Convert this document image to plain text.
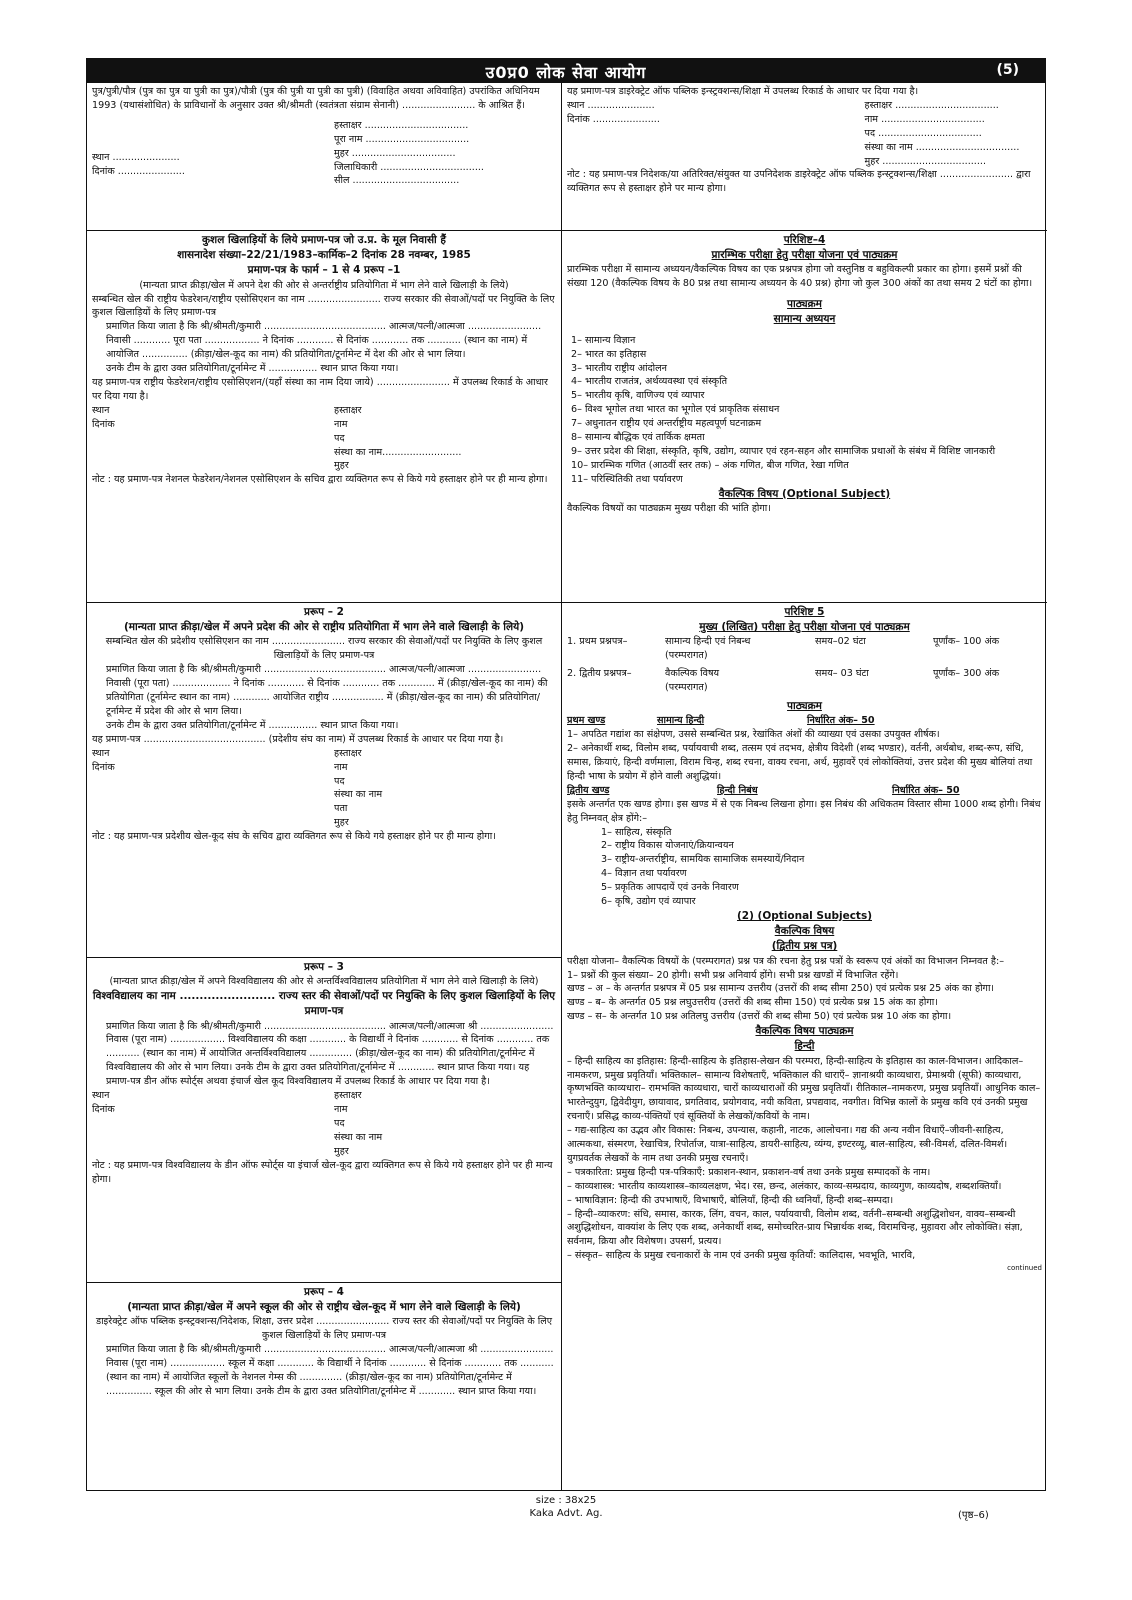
उ0प्र0 लोक सेवा आयोग	(5)

पुत्र/पुत्री/पौत्र (पुत्र का पुत्र या पुत्री का पुत्र)/पौत्री (पुत्र की पुत्री या पुत्री का पुत्री) (विवाहित अथवा अविवाहित) उपरांकित अधिनियम 1993 (यथासंशोधित) के प्राविधानों के अनुसार उक्त श्री/श्रीमती (स्वतंत्रता संग्राम सेनानी) ........................ के आश्रित हैं।

स्थान ......................

दिनांक ......................

हस्ताक्षर ..................................

पूरा नाम ..................................

मुहर ..................................

जिलाधिकारी ..................................

सील ...................................

कुशल खिलाड़ियों के लिये प्रमाण-पत्र जो उ.प्र. के मूल निवासी हैं

शासनादेश संख्या–22/21/1983–कार्मिक–2 दिनांक 28 नवम्बर, 1985

प्रमाण-पत्र के फार्म – 1 से 4 प्ररूप –1

(मान्यता प्राप्त क्रीड़ा/खेल में अपने देश की ओर से अन्तर्राष्ट्रीय प्रतियोगिता में भाग लेने वाले खिलाड़ी के लिये)

सम्बन्धित खेल की राष्ट्रीय फेडरेशन/राष्ट्रीय एसोसिएशन का नाम ........................ राज्य सरकार की सेवाओं/पदों पर नियुक्ति के लिए कुशल खिलाड़ियों के लिए प्रमाण-पत्र

प्रमाणित किया जाता है कि श्री/श्रीमती/कुमारी ........................................ आत्मज/पत्नी/आत्मजा ........................ निवासी ............ पूरा पता .................. ने दिनांक ............ से दिनांक ............ तक ........... (स्थान का नाम) में आयोजित ............... (क्रीड़ा/खेल-कूद का नाम) की प्रतियोगिता/टूर्नामेन्ट में देश की ओर से भाग लिया।

उनके टीम के द्वारा उक्त प्रतियोगिता/टूर्नामेन्ट में ................ स्थान प्राप्त किया गया।

यह प्रमाण-पत्र राष्ट्रीय फेडरेशन/राष्ट्रीय एसोसिएशन/(यहाँ संस्था का नाम दिया जाये) ........................ में उपलब्ध रिकार्ड के आधार पर दिया गया है।

स्थान

दिनांक

हस्ताक्षर

नाम

पद

संस्था का नाम..........................

मुहर

नोट : यह प्रमाण-पत्र नेशनल फेडरेशन/नेशनल एसोसिएशन के सचिव द्वारा व्यक्तिगत रूप से किये गये हस्ताक्षर होने पर ही मान्य होगा।

प्ररूप – 2

(मान्यता प्राप्त क्रीड़ा/खेल में अपने प्रदेश की ओर से राष्ट्रीय प्रतियोगिता में भाग लेने वाले खिलाड़ी के लिये)

सम्बन्धित खेल की प्रदेशीय एसोसिएशन का नाम ........................ राज्य सरकार की सेवाओं/पदों पर नियुक्ति के लिए कुशल खिलाड़ियों के लिए प्रमाण-पत्र

प्रमाणित किया जाता है कि श्री/श्रीमती/कुमारी ........................................ आत्मज/पत्नी/आत्मजा ........................ निवासी (पूरा पता) ................... ने दिनांक ............ से दिनांक ............ तक ............ में (क्रीड़ा/खेल-कूद का नाम) की प्रतियोगिता (टूर्नामेन्ट स्थान का नाम) ............ आयोजित राष्ट्रीय ................. में (क्रीड़ा/खेल-कूद का नाम) की प्रतियोगिता/टूर्नामेन्ट में प्रदेश की ओर से भाग लिया।

उनके टीम के द्वारा उक्त प्रतियोगिता/टूर्नामेन्ट में ................ स्थान प्राप्त किया गया।

यह प्रमाण-पत्र ........................................ (प्रदेशीय संघ का नाम) में उपलब्ध रिकार्ड के आधार पर दिया गया है।

स्थान

दिनांक

हस्ताक्षर

नाम

पद

संस्था का नाम

पता

मुहर

नोट : यह प्रमाण-पत्र प्रदेशीय खेल-कूद संघ के सचिव द्वारा व्यक्तिगत रूप से किये गये हस्ताक्षर होने पर ही मान्य होगा।

प्ररूप – 3

(मान्यता प्राप्त क्रीड़ा/खेल में अपने विश्वविद्यालय की ओर से अन्तर्विश्वविद्यालय प्रतियोगिता में भाग लेने वाले खिलाड़ी के लिये)

विश्वविद्यालय का नाम ........................ राज्य स्तर की सेवाओं/पदों पर नियुक्ति के लिए कुशल खिलाड़ियों के लिए प्रमाण-पत्र

प्रमाणित किया जाता है कि श्री/श्रीमती/कुमारी ........................................ आत्मज/पत्नी/आत्मजा श्री ........................ निवास (पूरा नाम) .................. विश्वविद्यालय की कक्षा ............ के विद्यार्थी ने दिनांक ............ से दिनांक ............ तक ........... (स्थान का नाम) में आयोजित अन्तर्विश्वविद्यालय .............. (क्रीड़ा/खेल-कूद का नाम) की प्रतियोगिता/टूर्नामेन्ट में विश्वविद्यालय की ओर से भाग लिया। उनके टीम के द्वारा उक्त प्रतियोगिता/टूर्नामेन्ट में ............ स्थान प्राप्त किया गया। यह प्रमाण-पत्र डीन ऑफ स्पोर्ट्स अथवा इंचार्ज खेल कूद विश्वविद्यालय में उपलब्ध रिकार्ड के आधार पर दिया गया है।

स्थान

दिनांक

हस्ताक्षर

नाम

पद

संस्था का नाम

मुहर

नोट : यह प्रमाण-पत्र विश्वविद्यालय के डीन ऑफ स्पोर्ट्स या इंचार्ज खेल-कूद द्वारा व्यक्तिगत रूप से किये गये हस्ताक्षर होने पर ही मान्य होगा।

प्ररूप – 4

(मान्यता प्राप्त क्रीड़ा/खेल में अपने स्कूल की ओर से राष्ट्रीय खेल-कूद में भाग लेने वाले खिलाड़ी के लिये)

डाइरेक्ट्रेट ऑफ पब्लिक इन्स्ट्रक्शन्स/निदेशक, शिक्षा, उत्तर प्रदेश ........................ राज्य स्तर की सेवाओं/पदों पर नियुक्ति के लिए कुशल खिलाड़ियों के लिए प्रमाण-पत्र

प्रमाणित किया जाता है कि श्री/श्रीमती/कुमारी ........................................ आत्मज/पत्नी/आत्मजा श्री ........................ निवास (पूरा नाम) .................. स्कूल में कक्षा ............ के विद्यार्थी ने दिनांक ............ से दिनांक ............ तक ........... (स्थान का नाम) में आयोजित स्कूलों के नेशनल गेम्स की .............. (क्रीड़ा/खेल-कूद का नाम) प्रतियोगिता/टूर्नामेन्ट में ............... स्कूल की ओर से भाग लिया। उनके टीम के द्वारा उक्त प्रतियोगिता/टूर्नामेन्ट में ............ स्थान प्राप्त किया गया।

यह प्रमाण-पत्र डाइरेक्ट्रेट ऑफ पब्लिक इन्स्ट्रक्शन्स/शिक्षा में उपलब्ध रिकार्ड के आधार पर दिया गया है।

स्थान ......................

दिनांक ......................

हस्ताक्षर ..................................

नाम ..................................

पद ..................................

संस्था का नाम ..................................

मुहर ..................................

नोट : यह प्रमाण-पत्र निदेशक/या अतिरिक्त/संयुक्त या उपनिदेशक डाइरेक्ट्रेट ऑफ पब्लिक इन्स्ट्रक्शन्स/शिक्षा ........................ द्वारा व्यक्तिगत रूप से हस्ताक्षर होने पर मान्य होगा।

परिशिष्ट–4

प्रारम्भिक परीक्षा हेतु परीक्षा योजना एवं पाठ्यक्रम

प्रारम्भिक परीक्षा में सामान्य अध्ययन/वैकल्पिक विषय का एक प्रश्नपत्र होगा जो वस्तुनिष्ठ व बहुविकल्पी प्रकार का होगा। इसमें प्रश्नों की संख्या 120 (वैकल्पिक विषय के 80 प्रश्न तथा सामान्य अध्ययन के 40 प्रश्न) होगा जो कुल 300 अंकों का तथा समय 2 घंटों का होगा।

पाठ्यक्रम

सामान्य अध्ययन

1– सामान्य विज्ञान

2– भारत का इतिहास

3– भारतीय राष्ट्रीय आंदोलन

4– भारतीय राजतंत्र, अर्थव्यवस्था एवं संस्कृति

5– भारतीय कृषि, वाणिज्य एवं व्यापार

6– विश्व भूगोल तथा भारत का भूगोल एवं प्राकृतिक संसाधन

7– अधुनातन राष्ट्रीय एवं अन्तर्राष्ट्रीय महत्वपूर्ण घटनाक्रम

8– सामान्य बौद्धिक एवं तार्किक क्षमता

9– उत्तर प्रदेश की शिक्षा, संस्कृति, कृषि, उद्योग, व्यापार एवं रहन-सहन और सामाजिक प्रथाओं के संबंध में विशिष्ट जानकारी

10– प्रारम्भिक गणित (आठवीं स्तर तक) – अंक गणित, बीज गणित, रेखा गणित

11– परिस्थितिकी तथा पर्यावरण

वैकल्पिक विषय (Optional Subject)

वैकल्पिक विषयों का पाठ्यक्रम मुख्य परीक्षा की भांति होगा।

परिशिष्ट 5

मुख्य (लिखित) परीक्षा हेतु परीक्षा योजना एवं पाठ्यक्रम

1. प्रथम प्रश्नपत्र–	सामान्य हिन्दी एवं निबन्ध
(परम्परागत)
समय–02 घंटा	पूर्णांक– 100 अंक
2. द्वितीय प्रश्नपत्र–	वैकल्पिक विषय
(परम्परागत)
समय– 03 घंटा	पूर्णांक– 300 अंक

पाठ्यक्रम

प्रथम खण्ड	सामान्य हिन्दी	निर्धारित अंक– 50

1– अपठित गद्यांश का संक्षेपण, उससे सम्बन्धित प्रश्न, रेखांकित अंशों की व्याख्या एवं उसका उपयुक्त शीर्षक।

2– अनेकार्थी शब्द, विलोम शब्द, पर्यायवाची शब्द, तत्सम एवं तदभव, क्षेत्रीय विदेशी (शब्द भण्डार), वर्तनी, अर्थबोध, शब्द-रूप, संधि, समास, क्रियाएं, हिन्दी वर्णमाला, विराम चिन्ह, शब्द रचना, वाक्य रचना, अर्थ, मुहावरें एवं लोकोक्तियां, उत्तर प्रदेश की मुख्य बोलियां तथा हिन्दी भाषा के प्रयोग में होने वाली अशुद्धियां।

द्वितीय खण्ड	हिन्दी निबंध	निर्धारित अंक– 50

इसके अन्तर्गत एक खण्ड होगा। इस खण्ड में से एक निबन्ध लिखना होगा। इस निबंध की अधिकतम विस्तार सीमा 1000 शब्द होगी। निबंध हेतु निम्नवत् क्षेत्र होंगे:–

1– साहित्य, संस्कृति

2– राष्ट्रीय विकास योजनाएं/क्रियान्वयन

3– राष्ट्रीय-अन्तर्राष्ट्रीय, सामयिक सामाजिक समस्यायें/निदान

4– विज्ञान तथा पर्यावरण

5– प्रकृतिक आपदायें एवं उनके निवारण

6– कृषि, उद्योग एवं व्यापार

(2) (Optional Subjects)

वैकल्पिक विषय

(द्वितीय प्रश्न पत्र)

परीक्षा योजना– वैकल्पिक विषयों के (परम्परागत) प्रश्न पत्र की रचना हेतु प्रश्न पत्रों के स्वरूप एवं अंकों का विभाजन निम्नवत है:–

1– प्रश्नों की कुल संख्या– 20 होगी। सभी प्रश्न अनिवार्य होंगे। सभी प्रश्न खण्डों में विभाजित रहेंगे।

खण्ड – अ – के अन्तर्गत प्रश्नपत्र में 05 प्रश्न सामान्य उत्तरीय (उत्तरों की शब्द सीमा 250) एवं प्रत्येक प्रश्न 25 अंक का होगा।

खण्ड – ब– के अन्तर्गत 05 प्रश्न लघुउत्तरीय (उत्तरों की शब्द सीमा 150) एवं प्रत्येक प्रश्न 15 अंक का होगा।

खण्ड – स– के अन्तर्गत 10 प्रश्न अतिलघु उत्तरीय (उत्तरों की शब्द सीमा 50) एवं प्रत्येक प्रश्न 10 अंक का होगा।

वैकल्पिक विषय पाठ्यक्रम

हिन्दी

– हिन्दी साहित्य का इतिहास: हिन्दी-साहित्य के इतिहास-लेखन की परम्परा, हिन्दी-साहित्य के इतिहास का काल-विभाजन। आदिकाल– नामकरण, प्रमुख प्रवृतियाँ। भक्तिकाल– सामान्य विशेषताएँ, भक्तिकाल की धाराएँ– ज्ञानाश्रयी काव्यधारा, प्रेमाश्रयी (सूफी) काव्यधारा, कृष्णभक्ति काव्यधारा– रामभक्ति काव्यधारा, चारों काव्यधाराओं की प्रमुख प्रवृतियाँ। रीतिकाल–नामकरण, प्रमुख प्रवृतियाँ। आधुनिक काल– भारतेन्दुयुग, द्विवेदीयुग, छायावाद, प्रगतिवाद, प्रयोगवाद, नयी कविता, प्रपद्यवाद, नवगीत। विभिन्न कालों के प्रमुख कवि एवं उनकी प्रमुख रचनाएँ। प्रसिद्ध काव्य-पंक्तियों एवं सूक्तियों के लेखकों/कवियों के नाम।

– गद्य-साहित्य का उद्भव और विकास: निबन्ध, उपन्यास, कहानी, नाटक, आलोचना। गद्य की अन्य नवीन विधाएँ–जीवनी-साहित्य, आत्मकथा, संस्मरण, रेखाचित्र, रिपोर्ताज, यात्रा-साहित्य, डायरी-साहित्य, व्यंग्य, इण्टरव्यू, बाल-साहित्य, स्त्री-विमर्श, दलित-विमर्श। युगप्रवर्तक लेखकों के नाम तथा उनकी प्रमुख रचनाएँ।

– पत्रकारिता: प्रमुख हिन्दी पत्र-पत्रिकाएँ: प्रकाशन-स्थान, प्रकाशन-वर्ष तथा उनके प्रमुख सम्पादकों के नाम।

– काव्यशास्त्र: भारतीय काव्यशास्त्र–काव्यलक्षण, भेद। रस, छन्द, अलंकार, काव्य-सम्प्रदाय, काव्यगुण, काव्यदोष, शब्दशक्तियाँ।

– भाषाविज्ञान: हिन्दी की उपभाषाएँ, विभाषाएँ, बोलियाँ, हिन्दी की ध्वनियाँ, हिन्दी शब्द–सम्पदा।

– हिन्दी–व्याकरण: संधि, समास, कारक, लिंग, वचन, काल, पर्यायवाची, विलोम शब्द, वर्तनी–सम्बन्धी अशुद्धिशोधन, वाक्य–सम्बन्धी अशुद्धिशोधन, वाक्यांश के लिए एक शब्द, अनेकार्थी शब्द, समोच्चरित-प्राय भिन्नार्थक शब्द, विरामचिन्ह, मुहावरा और लोकोक्ति। संज्ञा, सर्वनाम, क्रिया और विशेषण। उपसर्ग, प्रत्यय।

– संस्कृत– साहित्य के प्रमुख रचनाकारों के नाम एवं उनकी प्रमुख कृतियाँ: कालिदास, भवभूति, भारवि,

continued

size : 38x25
Kaka Advt. Ag.	(पृष्ठ–6)
